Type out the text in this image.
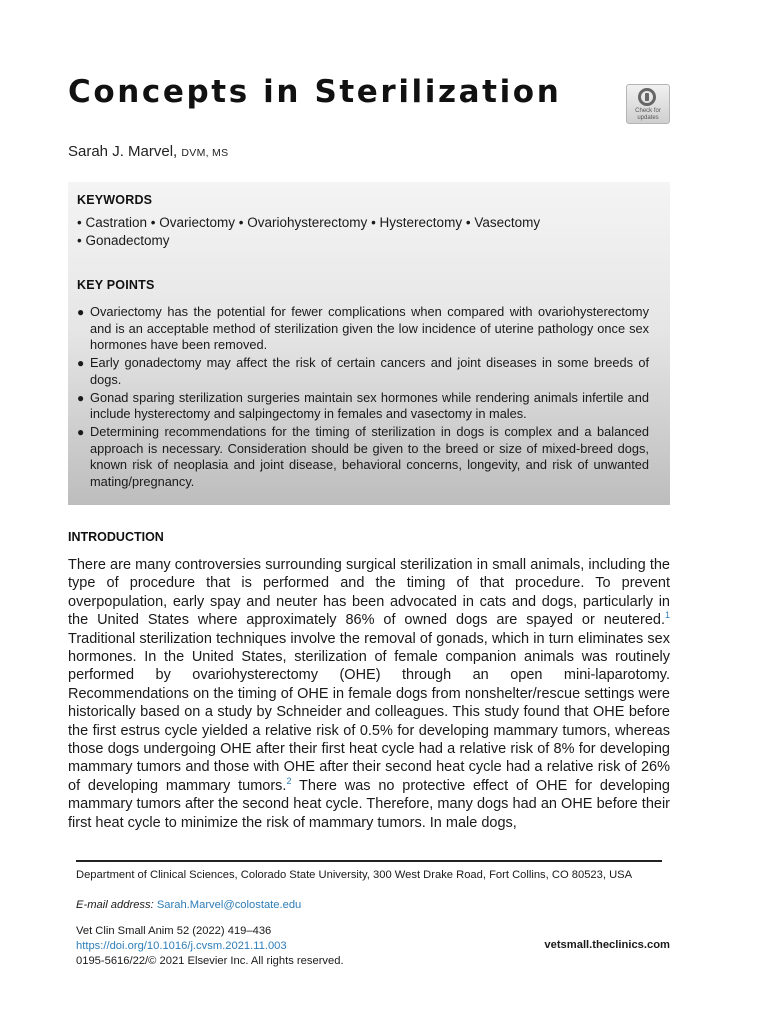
Concepts in Sterilization
Check for
updates
Sarah J. Marvel, DVM, MS
KEYWORDS
• Castration • Ovariectomy • Ovariohysterectomy • Hysterectomy • Vasectomy
• Gonadectomy
KEY POINTS
● Ovariectomy has the potential for fewer complications when compared with ovariohysterectomy and is an acceptable method of sterilization given the low incidence of uterine pathology once sex hormones have been removed.
● Early gonadectomy may affect the risk of certain cancers and joint diseases in some breeds of dogs.
● Gonad sparing sterilization surgeries maintain sex hormones while rendering animals infertile and include hysterectomy and salpingectomy in females and vasectomy in males.
● Determining recommendations for the timing of sterilization in dogs is complex and a balanced approach is necessary. Consideration should be given to the breed or size of mixed-breed dogs, known risk of neoplasia and joint disease, behavioral concerns, longevity, and risk of unwanted mating/pregnancy.
INTRODUCTION

There are many controversies surrounding surgical sterilization in small animals, including the type of procedure that is performed and the timing of that procedure. To prevent overpopulation, early spay and neuter has been advocated in cats and dogs, particularly in the United States where approximately 86% of owned dogs are spayed or neutered.$^1$ Traditional sterilization techniques involve the removal of gonads, which in turn eliminates sex hormones. In the United States, sterilization of female companion animals was routinely performed by ovariohysterectomy (OHE) through an open mini-laparotomy. Recommendations on the timing of OHE in female dogs from nonshelter/rescue settings were historically based on a study by Schneider and colleagues. This study found that OHE before the first estrus cycle yielded a relative risk of 0.5% for developing mammary tumors, whereas those dogs undergoing OHE after their first heat cycle had a relative risk of 8% for developing mammary tumors and those with OHE after their second heat cycle had a relative risk of 26% of developing mammary tumors.$^2$ There was no protective effect of OHE for developing mammary tumors after the second heat cycle. Therefore, many dogs had an OHE before their first heat cycle to minimize the risk of mammary tumors. In male dogs,

Department of Clinical Sciences, Colorado State University, 300 West Drake Road, Fort Collins, CO 80523, USA
E-mail address: Sarah.Marvel@colostate.edu
Vet Clin Small Anim 52 (2022) 419–436
https://doi.org/10.1016/j.cvsm.2021.11.003	vetsmall.theclinics.com
0195-5616/22/© 2021 Elsevier Inc. All rights reserved.
